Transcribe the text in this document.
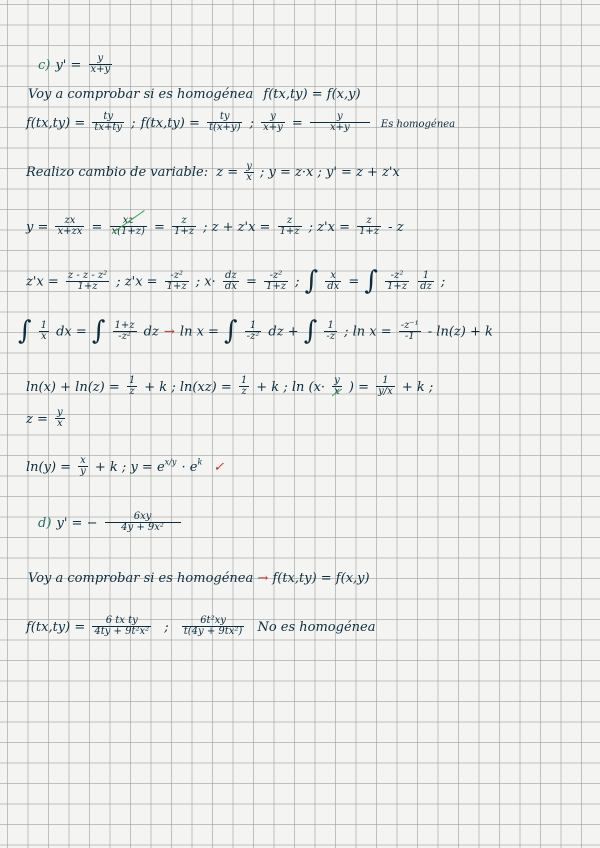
c) $y' = \frac{y}{x+y}$
Voy a comprobar si es homogénea f(tx,ty) = f(x,y)
$f(tx,ty) = \frac{ty}{tx+ty}$ ; $f(tx,ty) = \frac{ty}{t(x+y)}$ ; $\frac{y}{x+y} = \frac{y}{x+y}$ Es homogénea
Realizo cambio de variable: $z = \frac{y}{x}$ ; y = z·x ; y' = z + z'x
$y = \frac{zx}{x+zx} = \frac{xz}{x(1+z)} = \frac{z}{1+z}$ ; $z + z'x = \frac{z}{1+z}$ ; $z'x = \frac{z}{1+z} - z$
$z'x = \frac{\text{z - z - z²}}{1+z}$ ; $z'x = \frac{\text{-z²}}{1+z}$ ; $x\cdot \frac{dz}{dx} = \frac{\text{-z²}}{1+z}$ ; ∫ $\frac{x}{dx}$ = ∫ $\frac{\text{-z²}}{1+z}$
$\frac{1}{dz}$ ;
∫ $\frac{1}{x}$ dx = ∫ $\frac{1+z}{\text{-z²}}$ dz → ln x = ∫ $\frac{1}{\text{-z²}}$ dz + ∫ $\frac{1}{-z}$ ; $\ln x = \frac{\text{-z⁻¹}}{-1} - \ln(z) + k$
$\ln(x) + \ln(z) = \frac{1}{z} + k$ ; $\ln(xz) = \frac{1}{z} + k$ ; $\ln (x\cdot \frac{y}{x}$ ) = $\frac{1}{y/x} + k$ ;
$z = \frac{y}{x}$
$\ln(y) = \frac{x}{y} + k$ ; $y = e^{x/y} \cdot e^k$ ✓
d) y' = − $\frac{6xy}{\text{4y + 9x²}}$
Voy a comprobar si es homogénea → f(tx,ty) = f(x,y)
$f(tx,ty) = \frac{\text{6 tx ty}}{\text{4ty + 9t²x²}}$ ; $\frac{\text{6t²xy}}{\text{t(4y + 9tx²)}}$ No es homogénea
